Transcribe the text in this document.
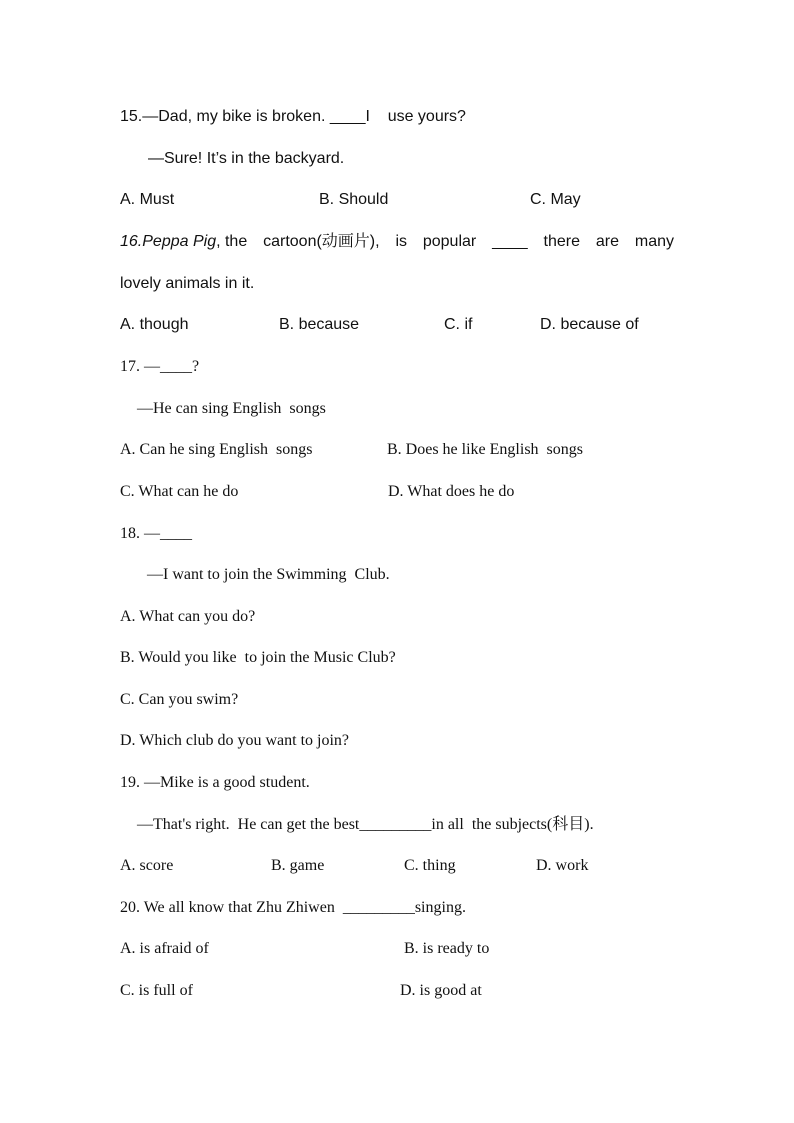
15.—Dad, my bike is broken. ____I    use yours?
—Sure! It’s in the backyard.
A. Must	B. Should	C. May
16.Peppa Pig, the cartoon(动画片), is popular ____ there are many
lovely animals in it.
A. though	B. because	C. if	D. because of
17. —____?
—He can sing English  songs
A. Can he sing English  songs	B. Does he like English  songs
C. What can he do	D. What does he do
18. —____
—I want to join the Swimming  Club.
A. What can you do?
B. Would you like  to join the Music Club?
C. Can you swim?
D. Which club do you want to join?
19. —Mike is a good student.
—That's right.  He can get the best_________in all  the subjects(科目).
A. score	B. game	C. thing	D. work
20. We all know that Zhu Zhiwen  _________singing.
A. is afraid of	B. is ready to
C. is full of	D. is good at
